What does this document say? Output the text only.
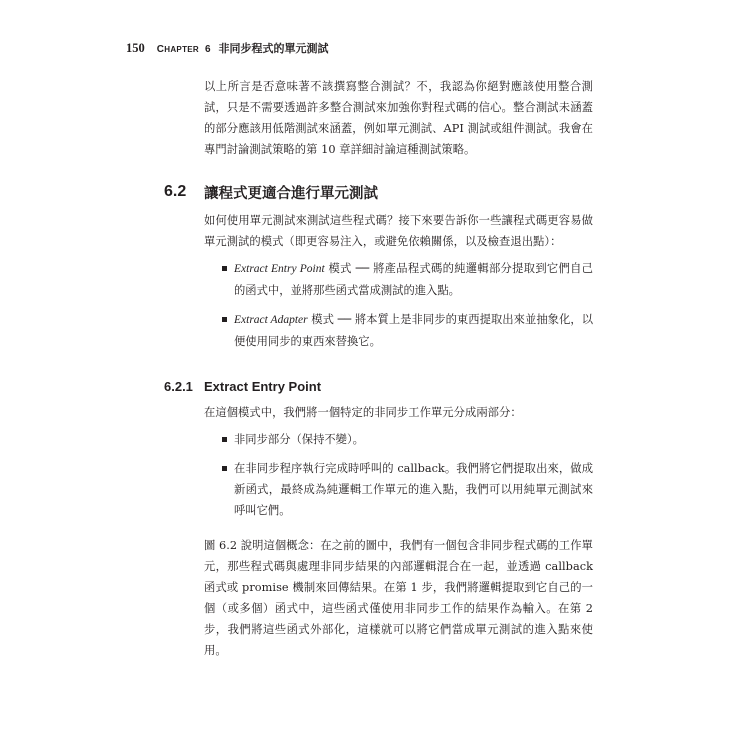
150 CHAPTER 6 非同步程式的單元測試

以上所言是否意味著不該撰寫整合測試？不，我認為你絕對應該使用整合測試，只是不需要透過許多整合測試來加強你對程式碼的信心。整合測試未涵蓋的部分應該用低階測試來涵蓋，例如單元測試、API 測試或組件測試。我會在專門討論測試策略的第 10 章詳細討論這種測試策略。

6.2	讓程式更適合進行單元測試

如何使用單元測試來測試這些程式碼？接下來要告訴你一些讓程式碼更容易做單元測試的模式（即更容易注入，或避免依賴關係，以及檢查退出點）：

Extract Entry Point 模式 ── 將產品程式碼的純邏輯部分提取到它們自己的函式中，並將那些函式當成測試的進入點。
Extract Adapter 模式 ── 將本質上是非同步的東西提取出來並抽象化，以便使用同步的東西來替換它。
6.2.1 Extract Entry Point

在這個模式中，我們將一個特定的非同步工作單元分成兩部分：

非同步部分（保持不變）。
在非同步程序執行完成時呼叫的 callback。我們將它們提取出來，做成新函式，最終成為純邏輯工作單元的進入點，我們可以用純單元測試來呼叫它們。

圖 6.2 說明這個概念：在之前的圖中，我們有一個包含非同步程式碼的工作單元，那些程式碼與處理非同步結果的內部邏輯混合在一起，並透過 callback 函式或 promise 機制來回傳結果。在第 1 步，我們將邏輯提取到它自己的一個（或多個）函式中，這些函式僅使用非同步工作的結果作為輸入。在第 2 步，我們將這些函式外部化，這樣就可以將它們當成單元測試的進入點來使用。
